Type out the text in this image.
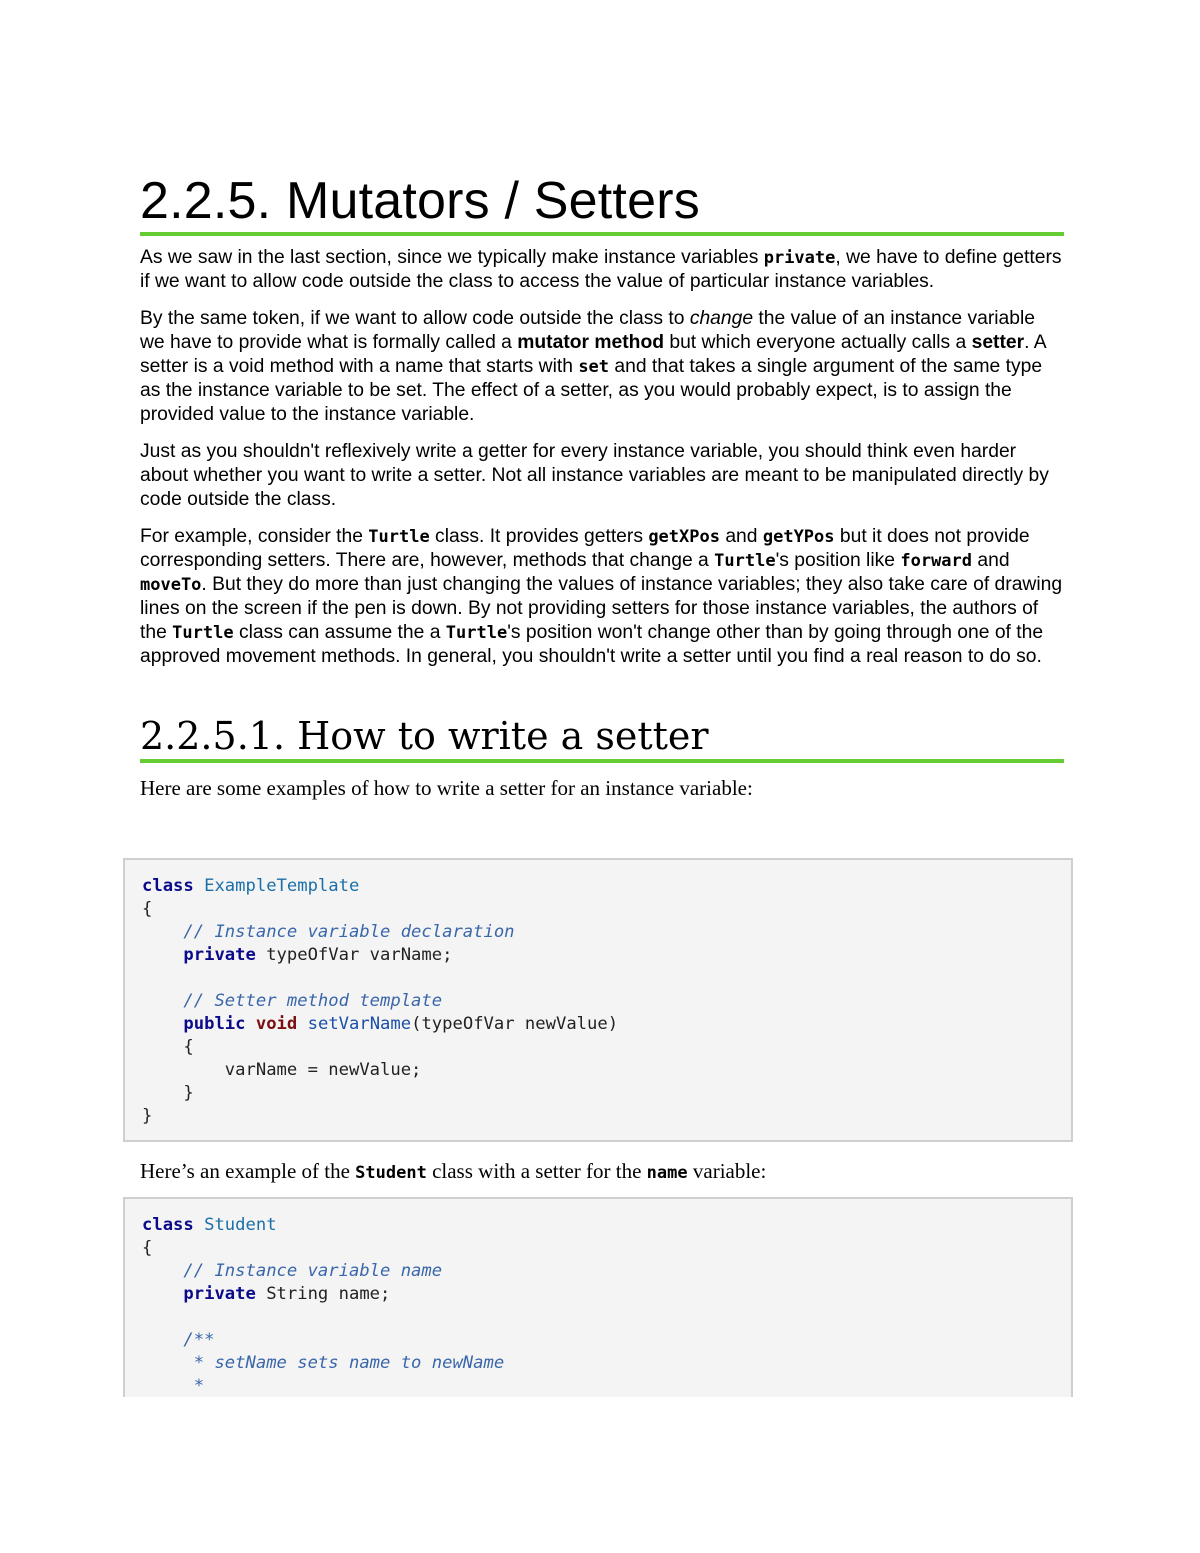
2.2.5. Mutators / Setters

As we saw in the last section, since we typically make instance variables private, we have to define getters if we want to allow code outside the class to access the value of particular instance variables.

By the same token, if we want to allow code outside the class to change the value of an instance variable we have to provide what is formally called a mutator method but which everyone actually calls a setter. A setter is a void method with a name that starts with set and that takes a single argument of the same type as the instance variable to be set. The effect of a setter, as you would probably expect, is to assign the provided value to the instance variable.

Just as you shouldn't reflexively write a getter for every instance variable, you should think even harder about whether you want to write a setter. Not all instance variables are meant to be manipulated directly by code outside the class.

For example, consider the Turtle class. It provides getters getXPos and getYPos but it does not provide corresponding setters. There are, however, methods that change a Turtle's position like forward and moveTo. But they do more than just changing the values of instance variables; they also take care of drawing lines on the screen if the pen is down. By not providing setters for those instance variables, the authors of the Turtle class can assume the a Turtle's position won't change other than by going through one of the approved movement methods. In general, you shouldn't write a setter until you find a real reason to do so.

2.2.5.1. How to write a setter

Here are some examples of how to write a setter for an instance variable:

class ExampleTemplate
{
// Instance variable declaration
private typeOfVar varName;

// Setter method template
public void setVarName(typeOfVar newValue)
{
varName = newValue;
}
}

Here’s an example of the Student class with a setter for the name variable:

class Student
{
// Instance variable name
private String name;

/**
* setName sets name to newName
*
